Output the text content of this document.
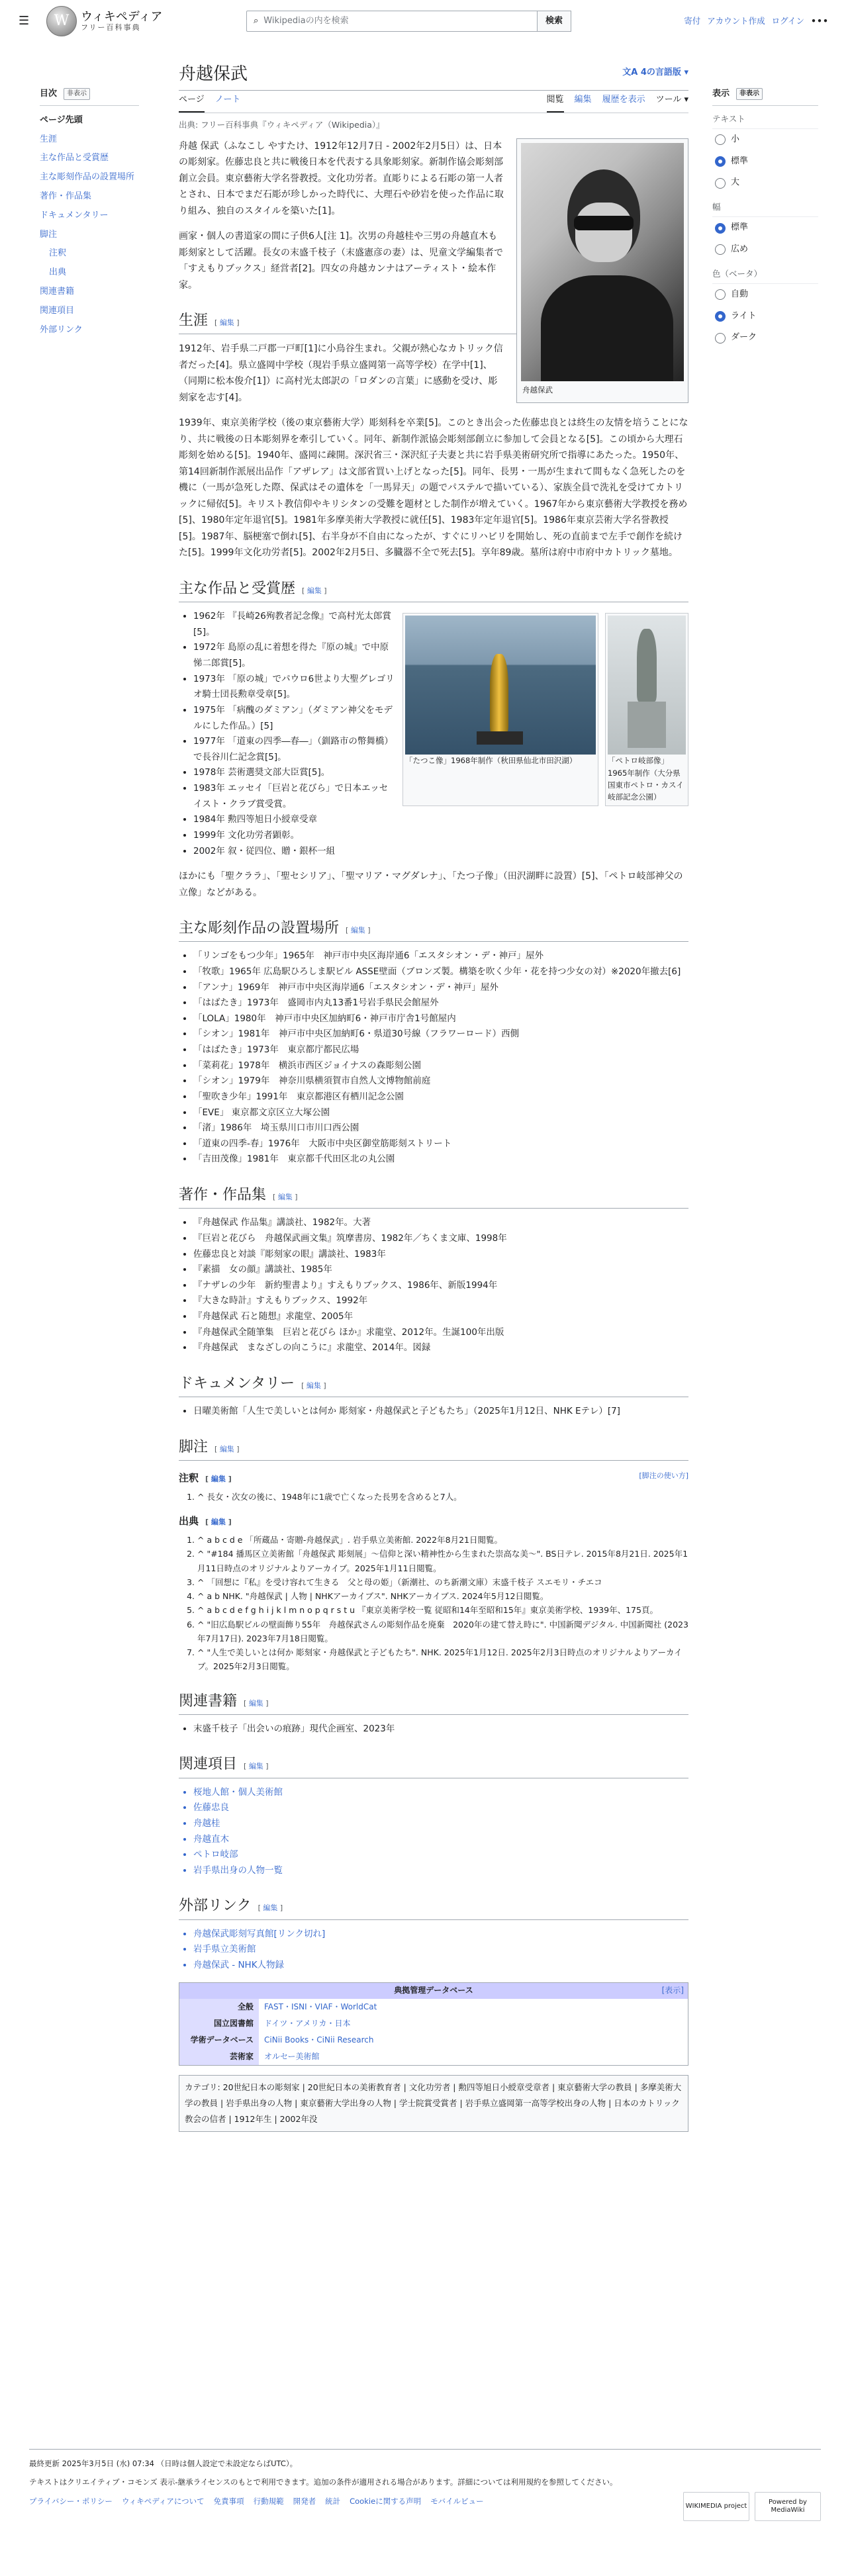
☰	W ウィキペディア
フリー百科事典
⌕ Wikipediaの内を検索	検索	寄付 アカウント作成 ログイン •••
目次	非表示
ページ先頭
生涯
主な作品と受賞歴
主な彫刻作品の設置場所
著作・作品集
ドキュメンタリー
脚注
注釈
出典
関連書籍
関連項目
外部リンク
舟越保武	文A 4の言語版 ▾
ページ ノート	閲覧 編集 履歴を表示 ツール ▾
出典: フリー百科事典『ウィキペディア（Wikipedia）』
舟越保武

舟越 保武（ふなこし やすたけ、1912年12月7日 - 2002年2月5日）は、日本の彫刻家。佐藤忠良と共に戦後日本を代表する具象彫刻家。新制作協会彫刻部創立会員。東京藝術大学名誉教授。文化功労者。直彫りによる石彫の第一人者とされ、日本でまだ石彫が珍しかった時代に、大理石や砂岩を使った作品に取り組み、独自のスタイルを築いた[1]。

画家・個人の書道家の間に子供6人[注 1]。次男の舟越桂や三男の舟越直木も彫刻家として活躍。長女の末盛千枝子（末盛憲彦の妻）は、児童文学編集者で「すえもりブックス」経営者[2]。四女の舟越カンナはアーティスト・絵本作家。

生涯 [ 編集 ]

1912年、岩手県二戸郡一戸町[1]に小鳥谷生まれ。父親が熱心なカトリック信者だった[4]。県立盛岡中学校（現岩手県立盛岡第一高等学校）在学中[1]、（同期に松本俊介[1]）に高村光太郎訳の「ロダンの言葉」に感動を受け、彫刻家を志す[4]。

1939年、東京美術学校（後の東京藝術大学）彫刻科を卒業[5]。このとき出会った佐藤忠良とは終生の友情を培うことになり、共に戦後の日本彫刻界を牽引していく。同年、新制作派協会彫刻部創立に参加して会員となる[5]。この頃から大理石彫刻を始める[5]。1940年、盛岡に疎開。深沢省三・深沢紅子夫妻と共に岩手県美術研究所で指導にあたった。1950年、第14回新制作派展出品作「アザレア」は文部省買い上げとなった[5]。同年、長男・一馬が生まれて間もなく急死したのを機に（一馬が急死した際、保武はその遺体を「一馬昇天」の題でパステルで描いている）、家族全員で洗礼を受けてカトリックに帰依[5]。キリスト教信仰やキリシタンの受難を題材とした制作が増えていく。1967年から東京藝術大学教授を務め[5]、1980年定年退官[5]。1981年多摩美術大学教授に就任[5]、1983年定年退官[5]。1986年東京芸術大学名誉教授[5]。1987年、脳梗塞で倒れ[5]、右半身が不自由になったが、すぐにリハビリを開始し、死の直前まで左手で創作を続けた[5]。1999年文化功労者[5]。2002年2月5日、多臓器不全で死去[5]。享年89歳。墓所は府中市府中カトリック墓地。

主な作品と受賞歴 [ 編集 ]
「たつこ像」1968年制作（秋田県仙北市田沢湖）	「ペトロ岐部像」1965年制作（大分県国東市ペトロ・カスイ岐部記念公園）
• 1962年 『長崎26殉教者記念像』で高村光太郎賞[5]。
• 1972年 島原の乱に着想を得た『原の城』で中原悌二郎賞[5]。
• 1973年 「原の城」でパウロ6世より大聖グレゴリオ騎士団長勲章受章[5]。
• 1975年 「病醜のダミアン」（ダミアン神父をモデルにした作品。）[5]
• 1977年 「道東の四季―春―」（釧路市の幣舞橋）で長谷川仁記念賞[5]。
• 1978年 芸術選奨文部大臣賞[5]。
• 1983年 エッセイ「巨岩と花びら」で日本エッセイスト・クラブ賞受賞。
• 1984年 勲四等旭日小綬章受章
• 1999年 文化功労者顕彰。
• 2002年 叙・従四位、贈・銀杯一組

ほかにも「聖クララ」、「聖セシリア」、「聖マリア・マグダレナ」、「たつ子像」（田沢湖畔に設置）[5]、「ペトロ岐部神父の立像」などがある。

主な彫刻作品の設置場所 [ 編集 ]
• 「リンゴをもつ少年」1965年　神戸市中央区海岸通6「エスタシオン・デ・神戸」屋外
• 「牧歌」1965年 広島駅ひろしま駅ビル ASSE壁面（ブロンズ製。構築を吹く少年・花を持つ少女の対）※2020年撤去[6]
• 「アンナ」1969年　神戸市中央区海岸通6「エスタシオン・デ・神戸」屋外
• 「はばたき」1973年　盛岡市内丸13番1号岩手県民会館屋外
• 「LOLA」1980年　神戸市中央区加納町6・神戸市庁舎1号館屋内
• 「シオン」1981年　神戸市中央区加納町6・県道30号線（フラワーロード）西側
• 「はばたき」1973年　東京都庁都民広場
• 「菜莉花」1978年　横浜市西区ジョイナスの森彫刻公園
• 「シオン」1979年　神奈川県横須賀市自然人文博物館前庭
• 「聖吹き少年」1991年　東京都港区有栖川記念公園
• 「EVE」 東京都文京区立大塚公園
• 「渚」1986年　埼玉県川口市川口西公園
• 「道東の四季-春」1976年　大阪市中央区御堂筋彫刻ストリート
• 「吉田茂像」1981年　東京都千代田区北の丸公園
著作・作品集 [ 編集 ]
• 『舟越保武 作品集』講談社、1982年。大著
• 『巨岩と花びら　舟越保武画文集』筑摩書房、1982年／ちくま文庫、1998年
• 佐藤忠良と対談『彫刻家の眼』講談社、1983年
• 『素描　女の顔』講談社、1985年
• 『ナザレの少年　新約聖書より』すえもりブックス、1986年、新版1994年
• 『大きな時計』すえもりブックス、1992年
• 『舟越保武 石と随想』求龍堂、2005年
• 『舟越保武全随筆集　巨岩と花びら ほか』求龍堂、2012年。生誕100年出版
• 『舟越保武　まなざしの向こうに』求龍堂、2014年。図録
ドキュメンタリー [ 編集 ]
• 日曜美術館「人生で美しいとは何か 彫刻家・舟越保武と子どもたち」（2025年1月12日、NHK Eテレ）[7]
脚注 [ 編集 ]
注釈 [ 編集 ]	[脚注の使い方]
1. ^ 長女・次女の後に、1948年に1歳で亡くなった長男を含めると7人。
出典 [ 編集 ]
1. ^ a b c d e 「所蔵品・寄贈-舟越保武」. 岩手県立美術館. 2022年8月21日閲覧。
2. ^ "#184 播馬区立美術館「舟越保武 彫刻展」〜信仰と深い精神性から生まれた崇高な美〜". BS日テレ. 2015年8月21日. 2025年1月11日時点のオリジナルよりアーカイブ。2025年1月11日閲覧。
3. ^ 「回想に『私』を受け容れて生きる　父と母の姫」（新潮社、のち新潮文庫）末盛千枝子 スエモリ・チエコ
4. ^ a b NHK. "舟越保武 | 人物 | NHKアーカイブス". NHKアーカイブス. 2024年5月12日閲覧。
5. ^ a b c d e f g h i j k l m n o p q r s t u 『東京美術学校一覧 従昭和14年至昭和15年』東京美術学校、1939年、175頁。
6. ^ "旧広島駅ビルの壁面飾り55年　舟越保武さんの彫刻作品を廃棄　2020年の建て替え時に". 中国新聞デジタル. 中国新聞社 (2023年7月17日). 2023年7月18日閲覧。
7. ^ "人生で美しいとは何か 彫刻家・舟越保武と子どもたち". NHK. 2025年1月12日. 2025年2月3日時点のオリジナルよりアーカイブ。2025年2月3日閲覧。
関連書籍 [ 編集 ]
• 末盛千枝子「出会いの痕跡」現代企画室、2023年
関連項目 [ 編集 ]
• 桜地人館・個人美術館
• 佐藤忠良
• 舟越桂
• 舟越直木
• ペトロ岐部
• 岩手県出身の人物一覧
外部リンク [ 編集 ]
• 舟越保武彫刻写真館[リンク切れ]
• 岩手県立美術館
• 舟越保武 - NHK人物録
典拠管理データベース	[表示]
全般	FAST・ISNI・VIAF・WorldCat
国立図書館	ドイツ・アメリカ・日本
学術データベース	CiNii Books・CiNii Research
芸術家	オルセー美術館
カテゴリ: 20世紀日本の彫刻家 | 20世紀日本の美術教育者 | 文化功労者 | 勲四等旭日小綬章受章者 | 東京藝術大学の教員 | 多摩美術大学の教員 | 岩手県出身の人物 | 東京藝術大学出身の人物 | 学士院賞受賞者 | 岩手県立盛岡第一高等学校出身の人物 | 日本のカトリック教会の信者 | 1912年生 | 2002年没
表示	非表示
テキスト
小
標準
大
幅
標準
広め
色（ベータ）
自動
ライト
ダーク

最終更新 2025年3月5日 (水) 07:34 （日時は個人設定で未設定ならばUTC）。

テキストはクリエイティブ・コモンズ 表示-継承ライセンスのもとで利用できます。追加の条件が適用される場合があります。詳細については利用規約を参照してください。

プライバシー・ポリシー ウィキペディアについて 免責事項 行動規範 開発者 統計 Cookieに関する声明 モバイルビュー
WIKIMEDIA project
Powered by MediaWiki
